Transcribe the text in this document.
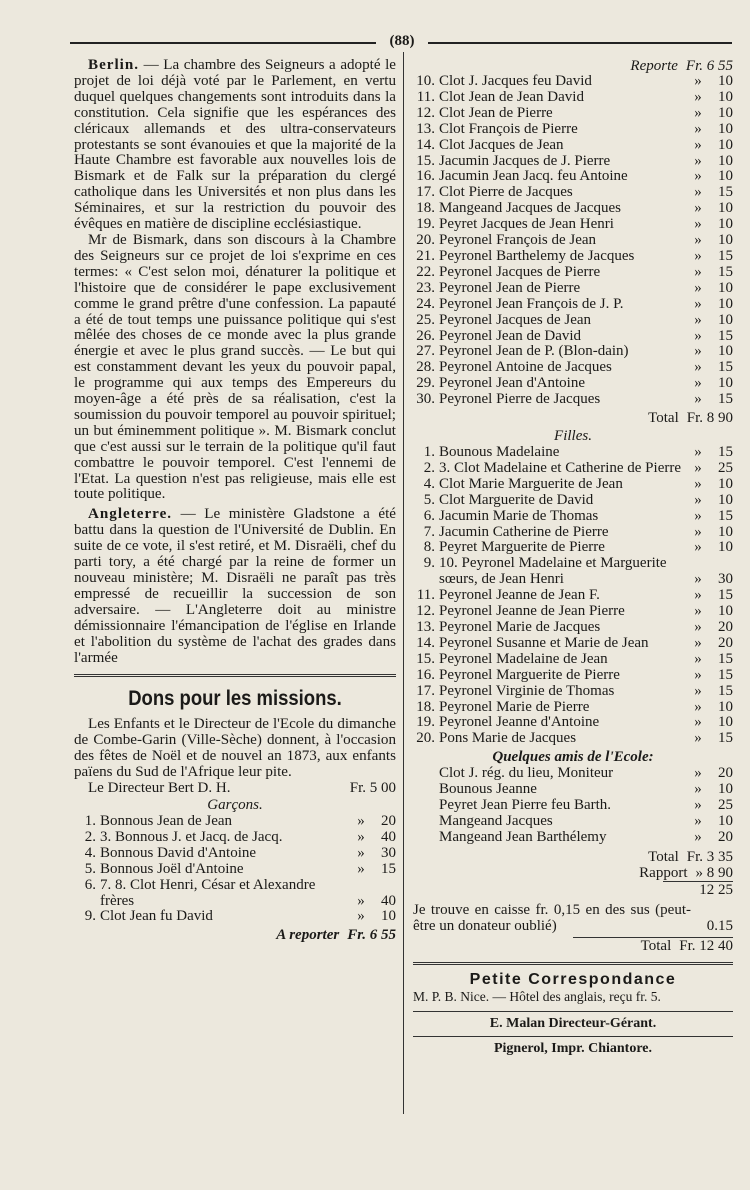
(88)

Berlin. — La chambre des Seigneurs a adopté le projet de loi déjà voté par le Parlement, en vertu duquel quelques changements sont introduits dans la constitution. Cela signifie que les espérances des cléricaux allemands et des ultra-conservateurs protestants se sont évanouies et que la majorité de la Haute Chambre est favorable aux nouvelles lois de Bismark et de Falk sur la préparation du clergé catholique dans les Universités et non plus dans les Séminaires, et sur la restriction du pouvoir des évêques en matière de discipline ecclésiastique.

Mr de Bismark, dans son discours à la Chambre des Seigneurs sur ce projet de loi s'exprime en ces termes: « C'est selon moi, dénaturer la politique et l'histoire que de considérer le pape exclusivement comme le grand prêtre d'une confession. La papauté a été de tout temps une puissance politique qui s'est mêlée des choses de ce monde avec la plus grande énergie et avec le plus grand succès. — Le but qui est constamment devant les yeux du pouvoir papal, le programme qui aux temps des Empereurs du moyen-âge a été près de sa réalisation, c'est la soumission du pouvoir temporel au pouvoir spirituel; un but éminemment politique ». M. Bismark conclut que c'est aussi sur le terrain de la politique qu'il faut combattre le pouvoir temporel. C'est l'ennemi de l'Etat. La question n'est pas religieuse, mais elle est toute politique.

Angleterre. — Le ministère Gladstone a été battu dans la question de l'Université de Dublin. En suite de ce vote, il s'est retiré, et M. Disraëli, chef du parti tory, a été chargé par la reine de former un nouveau ministère; M. Disraëli ne paraît pas très empressé de recueillir la succession de son adversaire. — L'Angleterre doit au ministre démissionnaire l'émancipation de l'église en Irlande et l'abolition du système de l'achat des grades dans l'armée

Dons pour les missions.

Les Enfants et le Directeur de l'Ecole du dimanche de Combe-Garin (Ville-Sèche) donnent, à l'occasion des fêtes de Noël et de nouvel an 1873, aux enfants païens du Sud de l'Afrique leur pite.

Le Directeur Bert D. H.	Fr. 5 00
Garçons.
1. Bonnous Jean de Jean	»	20
2. 3. Bonnous J. et Jacq. de Jacq.	»	40
4. Bonnous David d'Antoine	»	30
5. Bonnous Joël d'Antoine	»	15
6. 7. 8. Clot Henri, César et Alexandre frères	»	40
9. Clot Jean fu David	»	10
A reporter Fr. 6 55
Reporte Fr. 6 55
10. Clot J. Jacques feu David	»	10
11. Clot Jean de Jean David	»	10
12. Clot Jean de Pierre	»	10
13. Clot François de Pierre	»	10
14. Clot Jacques de Jean	»	10
15. Jacumin Jacques de J. Pierre	»	10
16. Jacumin Jean Jacq. feu Antoine	»	10
17. Clot Pierre de Jacques	»	15
18. Mangeand Jacques de Jacques	»	10
19. Peyret Jacques de Jean Henri	»	10
20. Peyronel François de Jean	»	10
21. Peyronel Barthelemy de Jacques	»	15
22. Peyronel Jacques de Pierre	»	15
23. Peyronel Jean de Pierre	»	10
24. Peyronel Jean François de J. P.	»	10
25. Peyronel Jacques de Jean	»	10
26. Peyronel Jean de David	»	15
27. Peyronel Jean de P. (Blon-dain)	»	10
28. Peyronel Antoine de Jacques	»	15
29. Peyronel Jean d'Antoine	»	10
30. Peyronel Pierre de Jacques	»	15
Total Fr. 8 90
Filles.
1. Bounous Madelaine	»	15
2. 3. Clot Madelaine et Catherine de Pierre »	25
4. Clot Marie Marguerite de Jean	»	10
5. Clot Marguerite de David	»	10
6. Jacumin Marie de Thomas	»	15
7. Jacumin Catherine de Pierre	»	10
8. Peyret Marguerite de Pierre	»	10
9. 10. Peyronel Madelaine et Marguerite sœurs, de Jean Henri	»	30
11. Peyronel Jeanne de Jean F.	»	15
12. Peyronel Jeanne de Jean Pierre	»	10
13. Peyronel Marie de Jacques	»	20
14. Peyronel Susanne et Marie de Jean	»	20
15. Peyronel Madelaine de Jean	»	15
16. Peyronel Marguerite de Pierre	»	15
17. Peyronel Virginie de Thomas	»	15
18. Peyronel Marie de Pierre	»	10
19. Peyronel Jeanne d'Antoine	»	10
20. Pons Marie de Jacques	»	15
Quelques amis de l'Ecole:
Clot J. rég. du lieu, Moniteur	»	20
Bounous Jeanne	»	10
Peyret Jean Pierre feu Barth.	»	25
Mangeand Jacques	»	10
Mangeand Jean Barthélemy	»	20
Total Fr. 3 35
Rapport » 8 90
12 25
Je trouve en caisse fr. 0,15 en des sus (peut-être un donateur oublié)	0.15
Total Fr. 12 40
Petite Correspondance
M. P. B. Nice. — Hôtel des anglais, reçu fr. 5.
E. Malan Directeur-Gérant.
Pignerol, Impr. Chiantore.
